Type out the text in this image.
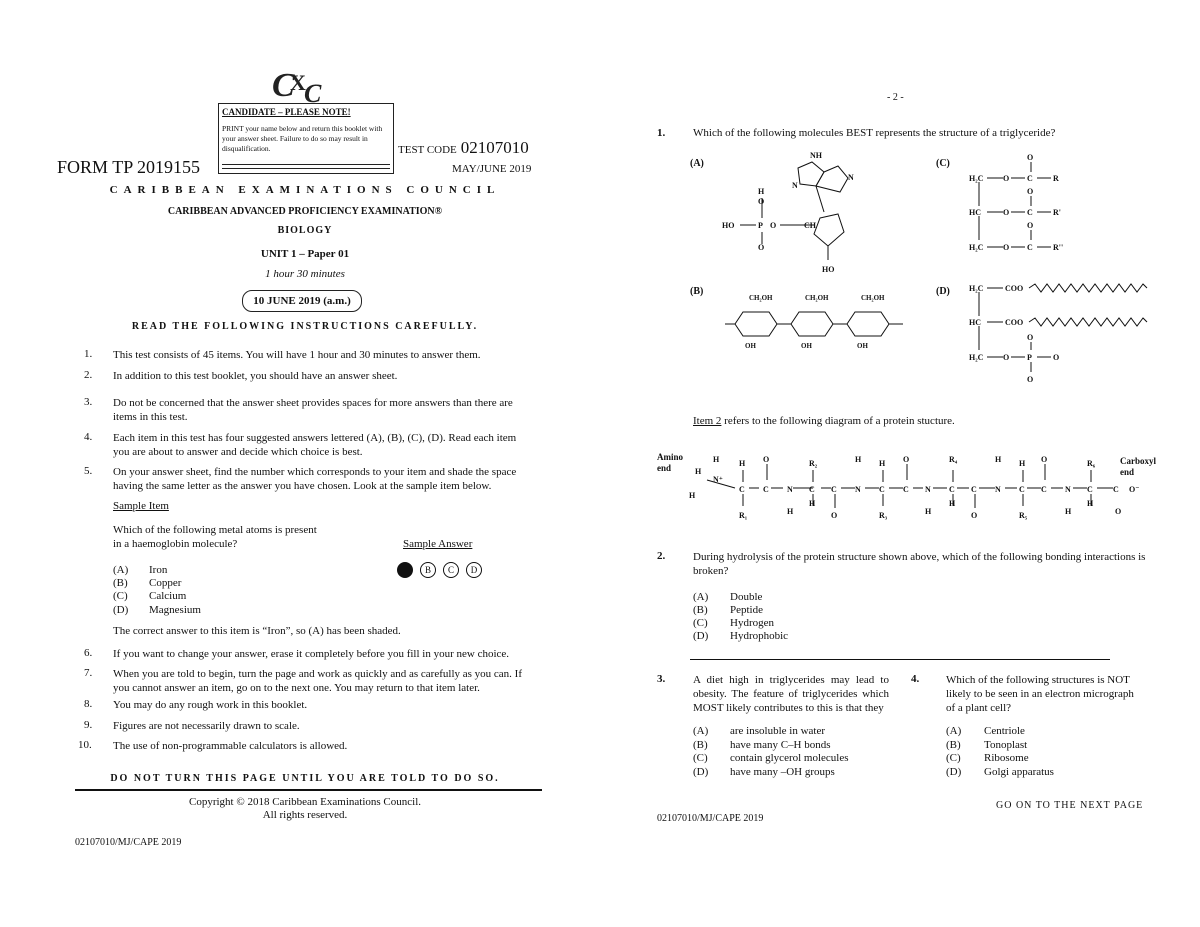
C
X
C
CANDIDATE – PLEASE NOTE!
PRINT your name below and return this booklet with your answer sheet. Failure to do so may result in disqualification.
FORM TP 2019155
TEST CODE 02107010
MAY/JUNE 2019
CARIBBEAN EXAMINATIONS COUNCIL
CARIBBEAN ADVANCED PROFICIENCY EXAMINATION®
BIOLOGY
UNIT 1 – Paper 01
1 hour 30 minutes
10 JUNE 2019 (a.m.)
READ THE FOLLOWING INSTRUCTIONS CAREFULLY.
1. This test consists of 45 items. You will have 1 hour and 30 minutes to answer them.
2. In addition to this test booklet, you should have an answer sheet.
3. Do not be concerned that the answer sheet provides spaces for more answers than there are items in this test.
4. Each item in this test has four suggested answers lettered (A), (B), (C), (D). Read each item you are about to answer and decide which choice is best.
5. On your answer sheet, find the number which corresponds to your item and shade the space having the same letter as the answer you have chosen. Look at the sample item below.
Sample Item
Which of the following metal atoms is present
in a haemoglobin molecule?	Sample Answer
(A) Iron
(B) Copper
(C) Calcium
(D) Magnesium
B	C	D
The correct answer to this item is “Iron”, so (A) has been shaded.
6. If you want to change your answer, erase it completely before you fill in your new choice.
7. When you are told to begin, turn the page and work as quickly and as carefully as you can. If you cannot answer an item, go on to the next one. You may return to that item later.
8. You may do any rough work in this booklet.
9. Figures are not necessarily drawn to scale.
10. The use of non-programmable calculators is allowed.
DO NOT TURN THIS PAGE UNTIL YOU ARE TOLD TO DO SO.
Copyright © 2018 Caribbean Examinations Council.
All rights reserved.
02107010/MJ/CAPE 2019
- 2 -
1.	Which of the following molecules BEST represents the structure of a triglyceride?
(A)
(B)
(C)
(D)
NH
N
N
H
O
HO	P O	CH
O
HO
CH₂OH	CH₂OH	CH₂OH
OH	OH	OH
O
H₂C O C	R
O
HC	O C	R'
O
H₂C O C	R''
H₂C	COO
HC	COO
O
H₂C O P	O
O
Item 2 refers to the following diagram of a protein stucture.
H
H
N⁺
H
H
C
R₁
O
C N
H
R₂
C
H
C
O
H
N
H
C
R₃
O
C N
H
R₄
C
H
C
O
H
N
H
C
R₅
O
C N
H
R₆
C
H
C
O
O⁻
Amino
end
Carboxyl
end
2.	During hydrolysis of the protein structure shown above, which of the following bonding interactions is broken?
(A) Double
(B) Peptide
(C) Hydrogen
(D) Hydrophobic
3.	A diet high in triglycerides may lead to obesity. The feature of triglycerides which MOST likely contributes to this is that they
(A) are insoluble in water
(B) have many C–H bonds
(C) contain glycerol molecules
(D) have many –OH groups
4. Which of the following structures is NOT likely to be seen in an electron micrograph of a plant cell?
(A) Centriole
(B) Tonoplast
(C) Ribosome
(D) Golgi apparatus
GO ON TO THE NEXT PAGE
02107010/MJ/CAPE 2019
